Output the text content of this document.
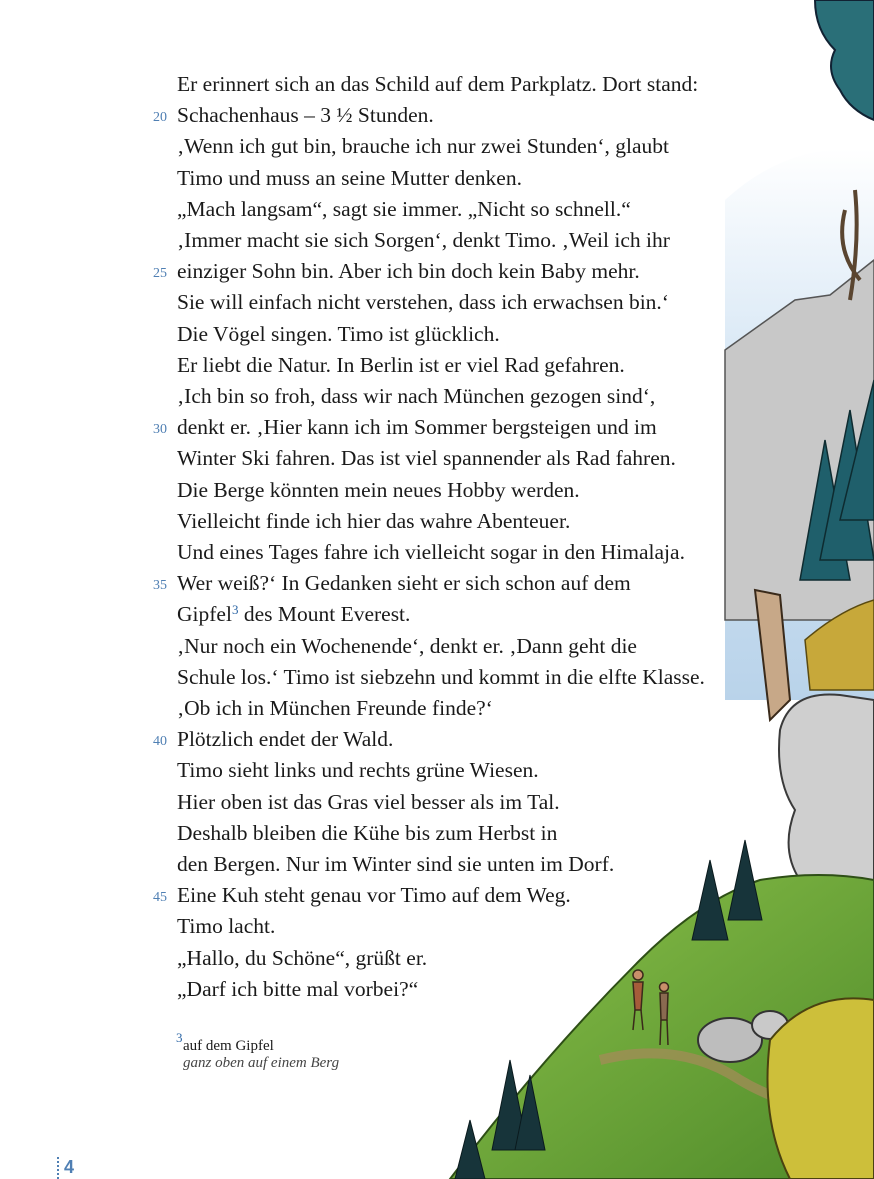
Er erinnert sich an das Schild auf dem Parkplatz. Dort stand:
20 Schachenhaus – 3 ½ Stunden.
‚Wenn ich gut bin, brauche ich nur zwei Stunden‘, glaubt
Timo und muss an seine Mutter denken.
„Mach langsam“, sagt sie immer. „Nicht so schnell.“
‚Immer macht sie sich Sorgen‘, denkt Timo. ‚Weil ich ihr
25 einziger Sohn bin. Aber ich bin doch kein Baby mehr.
Sie will einfach nicht verstehen, dass ich erwachsen bin.‘
Die Vögel singen. Timo ist glücklich.
Er liebt die Natur. In Berlin ist er viel Rad gefahren.
‚Ich bin so froh, dass wir nach München gezogen sind‘,
30 denkt er. ‚Hier kann ich im Sommer bergsteigen und im
Winter Ski fahren. Das ist viel spannender als Rad fahren.
Die Berge könnten mein neues Hobby werden.
Vielleicht finde ich hier das wahre Abenteuer.
Und eines Tages fahre ich vielleicht sogar in den Himalaja.
35 Wer weiß?‘ In Gedanken sieht er sich schon auf dem
Gipfel$^3$ des Mount Everest.
‚Nur noch ein Wochenende‘, denkt er. ‚Dann geht die
Schule los.‘ Timo ist siebzehn und kommt in die elfte Klasse.
‚Ob ich in München Freunde finde?‘
40 Plötzlich endet der Wald.
Timo sieht links und rechts grüne Wiesen.
Hier oben ist das Gras viel besser als im Tal.
Deshalb bleiben die Kühe bis zum Herbst in
den Bergen. Nur im Winter sind sie unten im Dorf.
45 Eine Kuh steht genau vor Timo auf dem Weg.
Timo lacht.
„Hallo, du Schöne“, grüßt er.
„Darf ich bitte mal vorbei?“
3
auf dem Gipfel
ganz oben auf einem Berg
4
